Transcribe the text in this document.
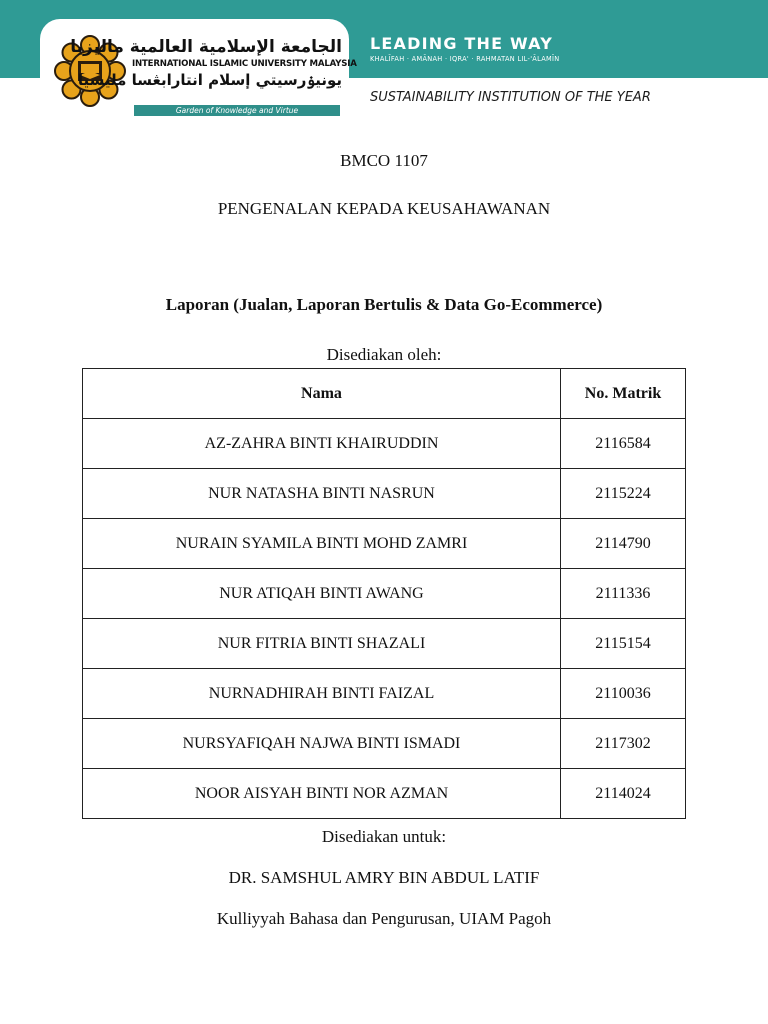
الجامعة الإسلامية العالمية ماليزيا
INTERNATIONAL ISLAMIC UNIVERSITY MALAYSIA
يونيۏرسيتي إسلام انتارابڠسا مليسيا
Garden of Knowledge and Virtue
LEADING THE WAY
KHALĪFAH · AMĀNAH · IQRA' · RAHMATAN LIL-'ĀLAMĪN
SUSTAINABILITY INSTITUTION OF THE YEAR
BMCO 1107
PENGENALAN KEPADA KEUSAHAWANAN
Laporan (Jualan, Laporan Bertulis & Data Go-Ecommerce)
Disediakan oleh:
Nama	No. Matrik
AZ-ZAHRA BINTI KHAIRUDDIN	2116584
NUR NATASHA BINTI NASRUN	2115224
NURAIN SYAMILA BINTI MOHD ZAMRI	2114790
NUR ATIQAH BINTI AWANG	2111336
NUR FITRIA BINTI SHAZALI	2115154
NURNADHIRAH BINTI FAIZAL	2110036
NURSYAFIQAH NAJWA BINTI ISMADI	2117302
NOOR AISYAH BINTI NOR AZMAN	2114024
Disediakan untuk:
DR. SAMSHUL AMRY BIN ABDUL LATIF
Kulliyyah Bahasa dan Pengurusan, UIAM Pagoh
